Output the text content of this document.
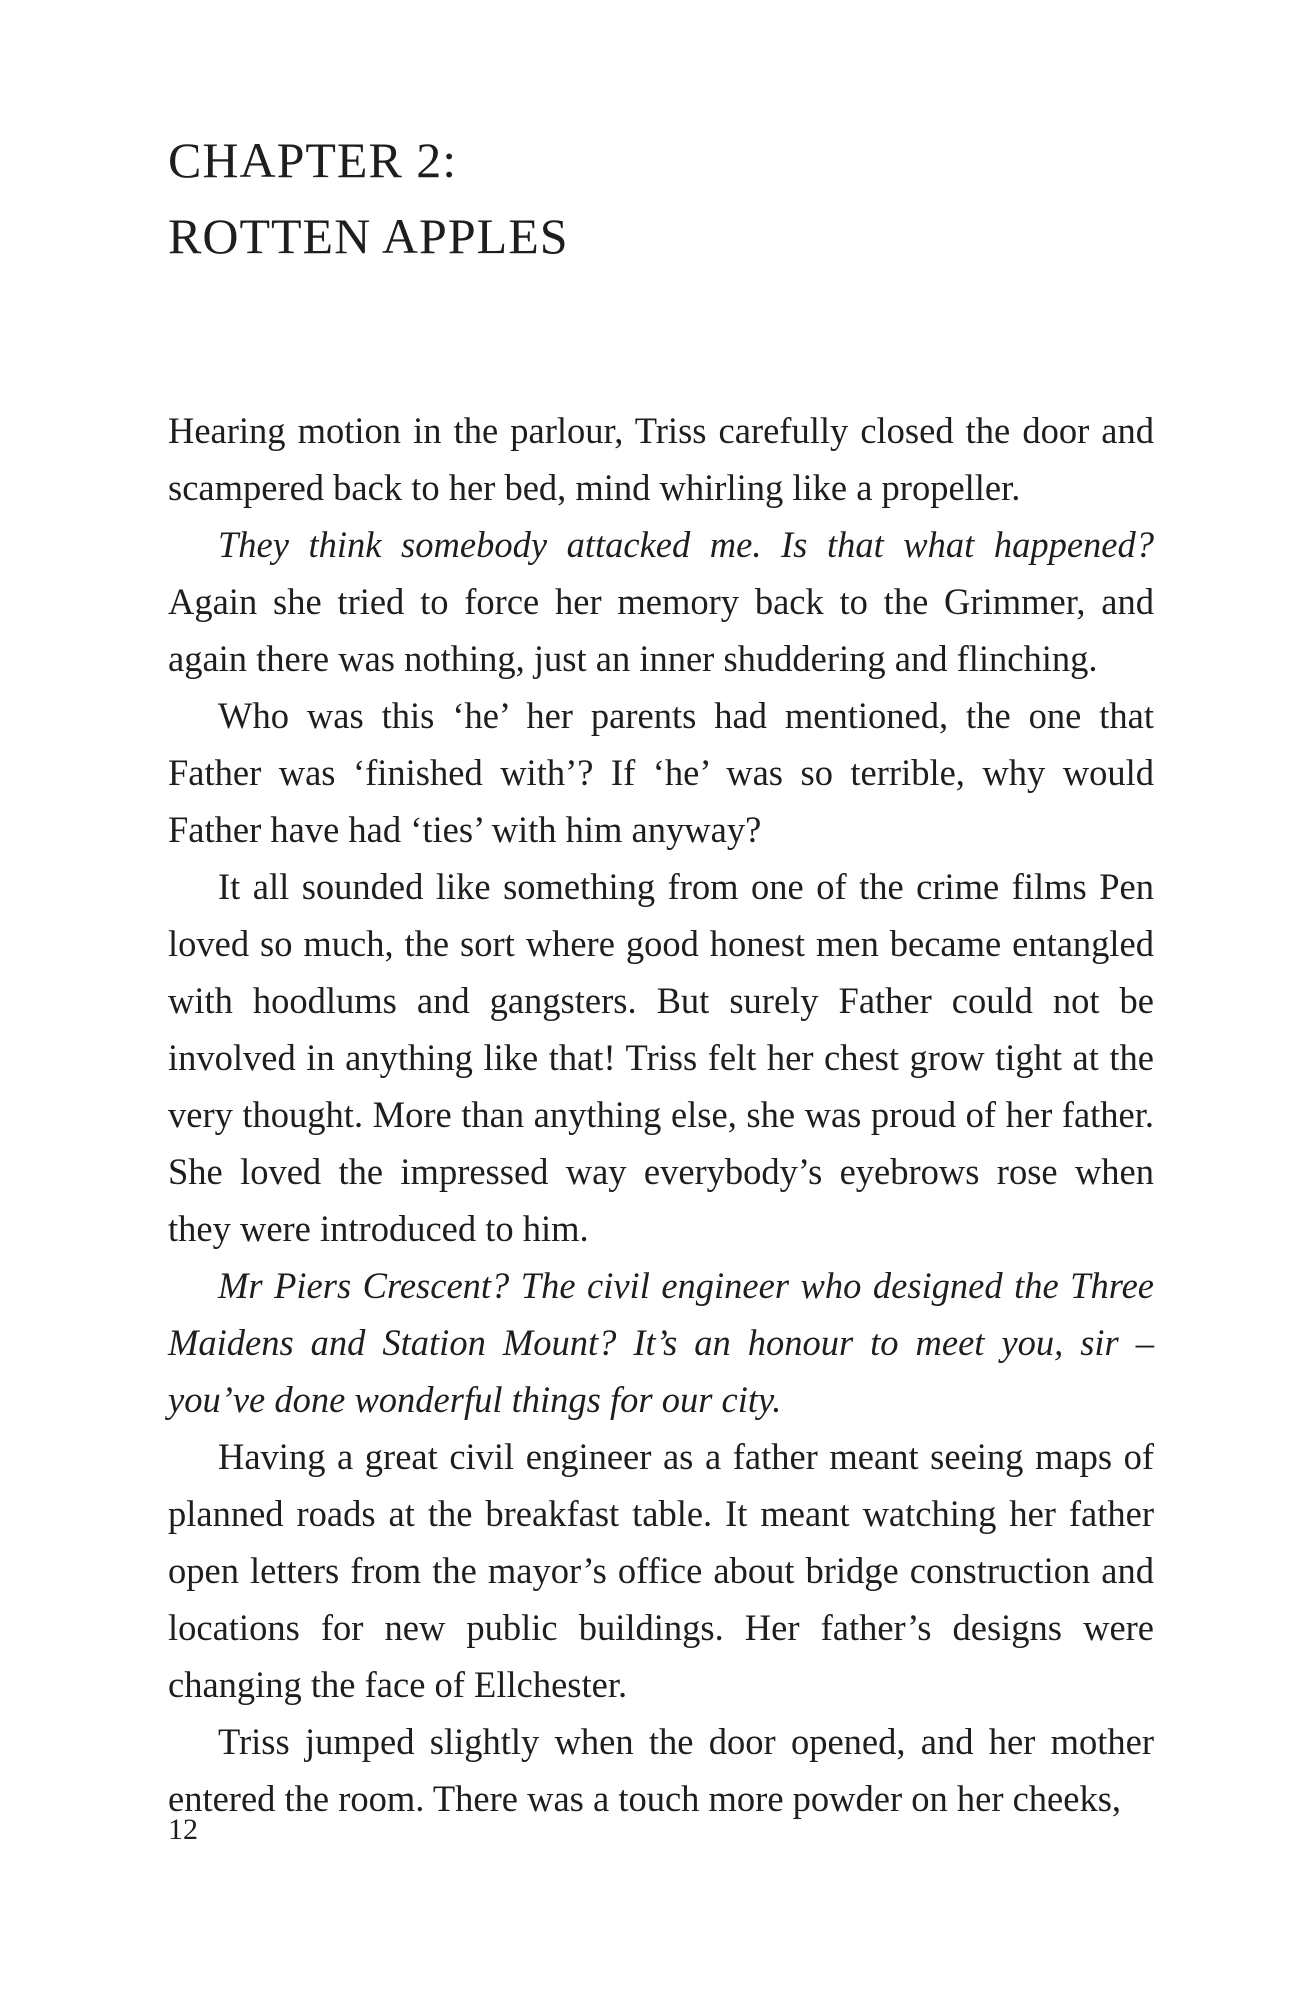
CHAPTER 2:
ROTTEN APPLES

Hearing motion in the parlour, Triss carefully closed the door and scampered back to her bed, mind whirling like a propeller.

They think somebody attacked me. Is that what happened? Again she tried to force her memory back to the Grimmer, and again there was nothing, just an inner shuddering and flinching.

Who was this ‘he’ her parents had mentioned, the one that Father was ‘finished with’? If ‘he’ was so terrible, why would Father have had ‘ties’ with him anyway?

It all sounded like something from one of the crime films Pen loved so much, the sort where good honest men became entangled with hoodlums and gangsters. But surely Father could not be involved in anything like that! Triss felt her chest grow tight at the very thought. More than anything else, she was proud of her father. She loved the impressed way everybody’s eyebrows rose when they were introduced to him.

Mr Piers Crescent? The civil engineer who designed the Three Maidens and Station Mount? It’s an honour to meet you, sir – you’ve done wonderful things for our city.

Having a great civil engineer as a father meant seeing maps of planned roads at the breakfast table. It meant watching her father open letters from the mayor’s office about bridge construction and locations for new public buildings. Her father’s designs were changing the face of Ellchester.

Triss jumped slightly when the door opened, and her mother entered the room. There was a touch more powder on her cheeks,

12
